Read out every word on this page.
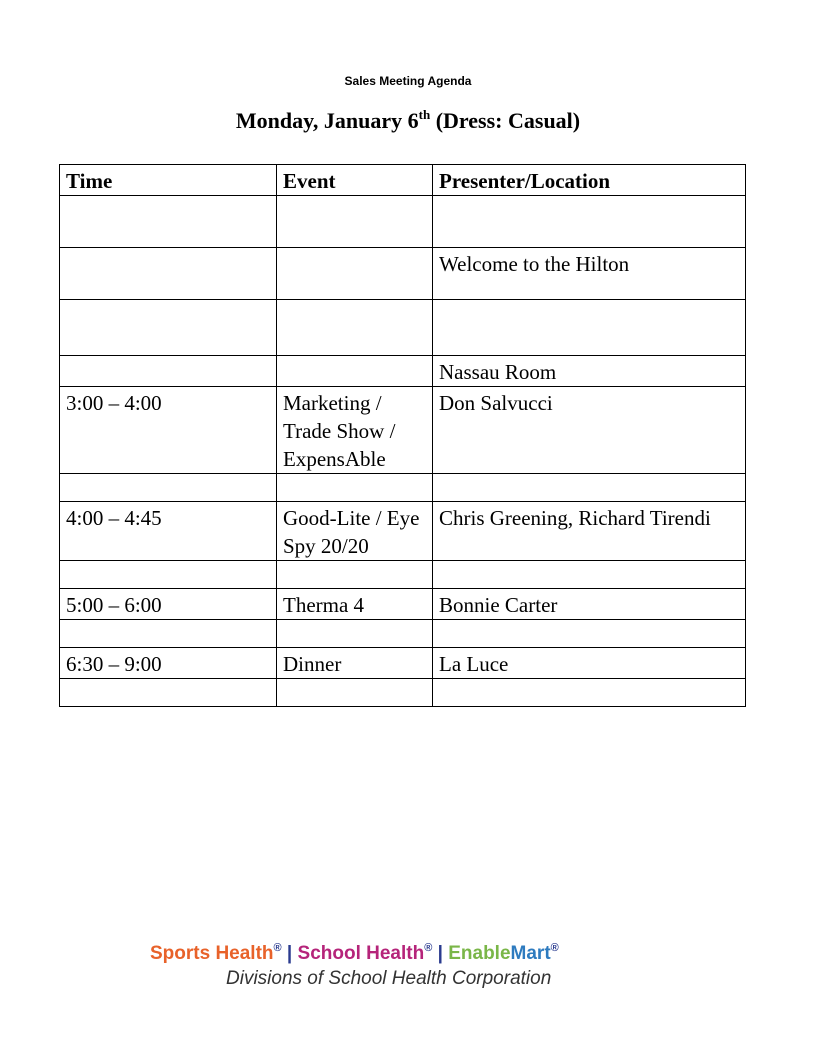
Sales Meeting Agenda
Monday, January 6th (Dress: Casual)
Time	Event	Presenter/Location

		Welcome to the Hilton

		Nassau Room
3:00 – 4:00	Marketing / Trade Show / ExpensAble	Don Salvucci

4:00 – 4:45	Good-Lite / Eye Spy 20/20	Chris Greening, Richard Tirendi

5:00 – 6:00	Therma 4	Bonnie Carter

6:30 – 9:00	Dinner	La Luce

Sports Health® | School Health® | EnableMart®
Divisions of School Health Corporation
